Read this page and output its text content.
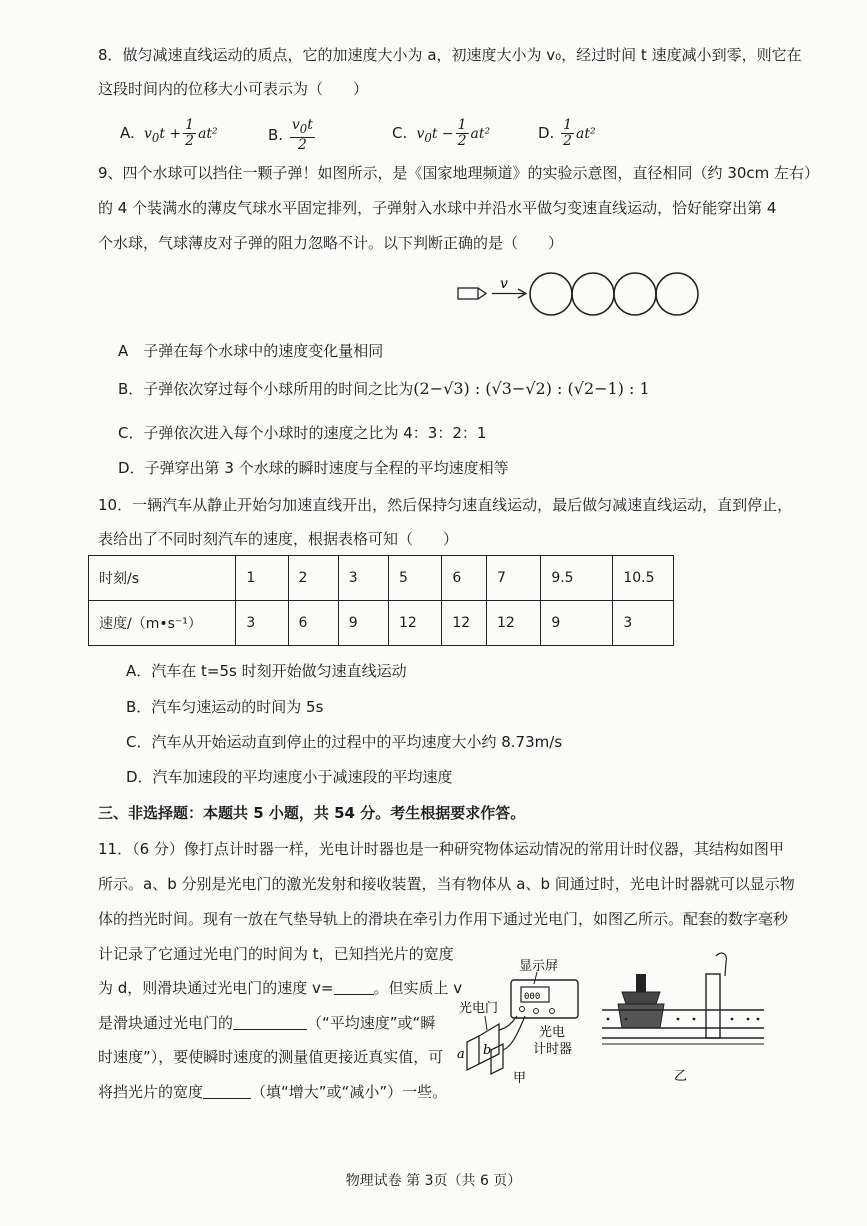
8．做匀减速直线运动的质点，它的加速度大小为 a，初速度大小为 v₀，经过时间 t 速度减小到零，则它在
这段时间内的位移大小可表示为（　　）
A.  $v_0t + \frac{1}{2} at^2$	B. $\frac{v_0t}{2}$	C.  $v_0t - \frac{1}{2} at^2$	D. $\frac{1}{2} at^2$
9、四个水球可以挡住一颗子弹！如图所示，是《国家地理频道》的实验示意图，直径相同（约 30cm 左右）
的 4 个装满水的薄皮气球水平固定排列，子弹射入水球中并沿水平做匀变速直线运动，恰好能穿出第 4
个水球，气球薄皮对子弹的阻力忽略不计。以下判断正确的是（　　）
v
A　子弹在每个水球中的速度变化量相同
B．子弹依次穿过每个小球所用的时间之比为(2−√3) : (√3−√2) : (√2−1) : 1
C．子弹依次进入每个小球时的速度之比为 4：3：2：1
D．子弹穿出第 3 个水球的瞬时速度与全程的平均速度相等
10．一辆汽车从静止开始匀加速直线开出，然后保持匀速直线运动，最后做匀减速直线运动，直到停止，
表给出了不同时刻汽车的速度，根据表格可知（　　）
时刻/s	1	2	3	5	6	7	9.5	10.5
速度/（m•s⁻¹）	3	6	9	12	12	12	9	3
A．汽车在 t=5s 时刻开始做匀速直线运动
B．汽车匀速运动的时间为 5s
C．汽车从开始运动直到停止的过程中的平均速度大小约 8.73m/s
D．汽车加速段的平均速度小于减速段的平均速度
三、非选择题：本题共 5 小题，共 54 分。考生根据要求作答。
11．（6 分）像打点计时器一样，光电计时器也是一种研究物体运动情况的常用计时仪器，其结构如图甲
所示。a、b 分别是光电门的激光发射和接收装置，当有物体从 a、b 间通过时，光电计时器就可以显示物
体的挡光时间。现有一放在气垫导轨上的滑块在牵引力作用下通过光电门，如图乙所示。配套的数字毫秒
计记录了它通过光电门的时间为 t，已知挡光片的宽度
为 d，则滑块通过光电门的速度 v=	。但实质上 v
是滑块通过光电门的	（“平均速度”或“瞬
时速度”），要使瞬时速度的测量值更接近真实值，可
将挡光片的宽度	（填“增大”或“减小”）一些。
显示屏
000
光电门
光电
计时器
a b
甲	乙
物理试卷 第 3页（共 6 页）
